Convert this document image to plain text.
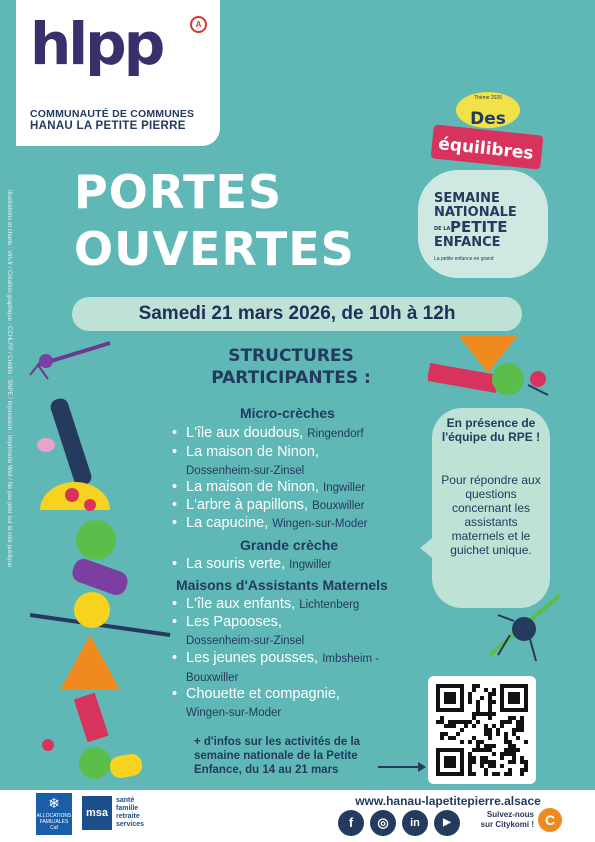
hlpp	A
COMMUNAUTÉ DE COMMUNES
HANAU LA PETITE PIERRE
Illustrations et charte : vlm.fr / Création graphique : CCHLPP / Crédits : SNPE / Impression : Imprimerie Weil / Ne pas jeter sur la voie publique PORTES
OUVERTES
Thème 2026
Des
équilibres
SEMAINE
NATIONALE
DE LA PETITE
ENFANCE
La petite enfance en grand
Samedi 21 mars 2026, de 10h à 12h
STRUCTURES
PARTICIPANTES :
Micro-crèches
• L'île aux doudous, Ringendorf
• La maison de Ninon,
Dossenheim-sur-Zinsel
• La maison de Ninon, Ingwiller
• L'arbre à papillons, Bouxwiller
• La capucine, Wingen-sur-Moder
Grande crèche
• La souris verte, Ingwiller
Maisons d'Assistants Maternels
• L'île aux enfants, Lichtenberg
• Les Papooses,
Dossenheim-sur-Zinsel
• Les jeunes pousses, Imbsheim -
Bouxwiller
• Chouette et compagnie,
Wingen-sur-Moder
En présence de l'équipe du RPE !
Pour répondre aux questions concernant les assistants maternels et le guichet unique.
+ d'infos sur les activités de la semaine nationale de la Petite Enfance, du 14 au 21 mars
❄
ALLOCATIONS FAMILIALES Caf
msa
santé
famille
retraite
services
www.hanau-lapetitepierre.alsace
f	◎	in	▶
Suivez-nous
sur Citykomi ! C
